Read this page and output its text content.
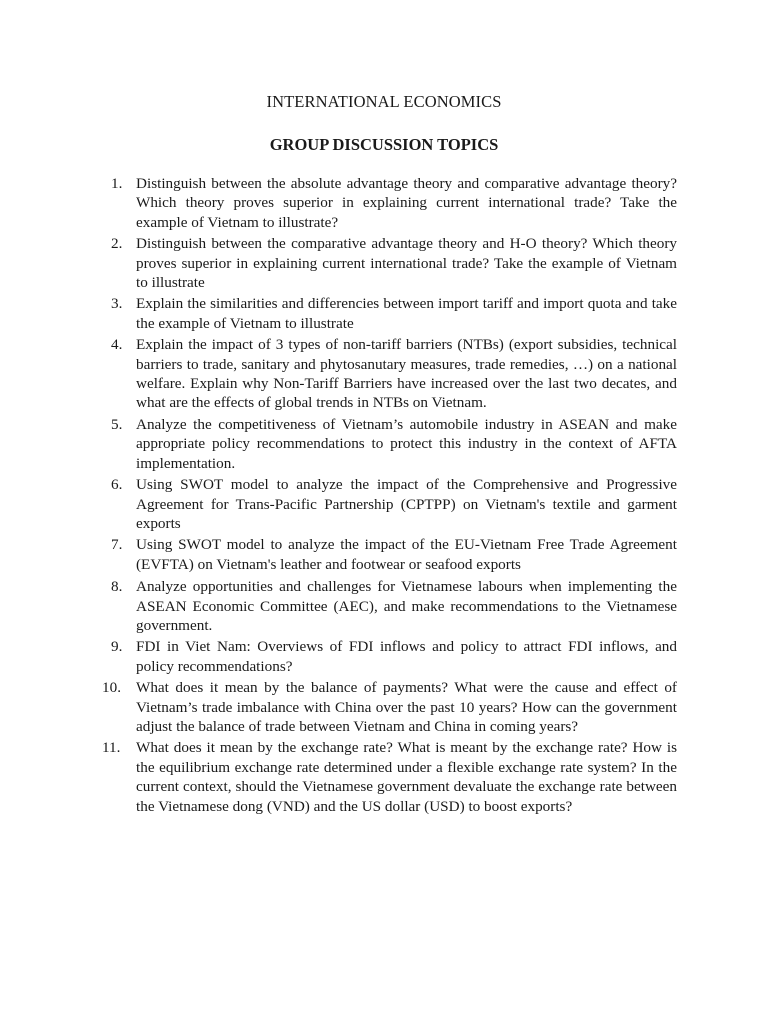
INTERNATIONAL ECONOMICS
GROUP DISCUSSION TOPICS
1. Distinguish between the absolute advantage theory and comparative advantage theory? Which theory proves superior in explaining current international trade? Take the example of Vietnam to illustrate?
2. Distinguish between the comparative advantage theory and H-O theory? Which theory proves superior in explaining current international trade? Take the example of Vietnam to illustrate
3. Explain the similarities and differencies between import tariff and import quota and take the example of Vietnam to illustrate
4. Explain the impact of 3 types of non-tariff barriers (NTBs) (export subsidies, technical barriers to trade, sanitary and phytosanutary measures, trade remedies, …) on a national welfare. Explain why Non-Tariff Barriers have increased over the last two decates, and what are the effects of global trends in NTBs on Vietnam.
5. Analyze the competitiveness of Vietnam’s automobile industry in ASEAN and make appropriate policy recommendations to protect this industry in the context of AFTA implementation.
6. Using SWOT model to analyze the impact of the Comprehensive and Progressive Agreement for Trans-Pacific Partnership (CPTPP) on Vietnam's textile and garment exports
7. Using SWOT model to analyze the impact of the EU-Vietnam Free Trade Agreement (EVFTA) on Vietnam's leather and footwear or seafood exports
8. Analyze opportunities and challenges for Vietnamese labours when implementing the ASEAN Economic Committee (AEC), and make recommendations to the Vietnamese government.
9. FDI in Viet Nam: Overviews of FDI inflows and policy to attract FDI inflows, and policy recommendations?
10. What does it mean by the balance of payments? What were the cause and effect of Vietnam’s trade imbalance with China over the past 10 years? How can the government adjust the balance of trade between Vietnam and China in coming years?
11. What does it mean by the exchange rate? What is meant by the exchange rate? How is the equilibrium exchange rate determined under a flexible exchange rate system? In the current context, should the Vietnamese government devaluate the exchange rate between the Vietnamese dong (VND) and the US dollar (USD) to boost exports?
